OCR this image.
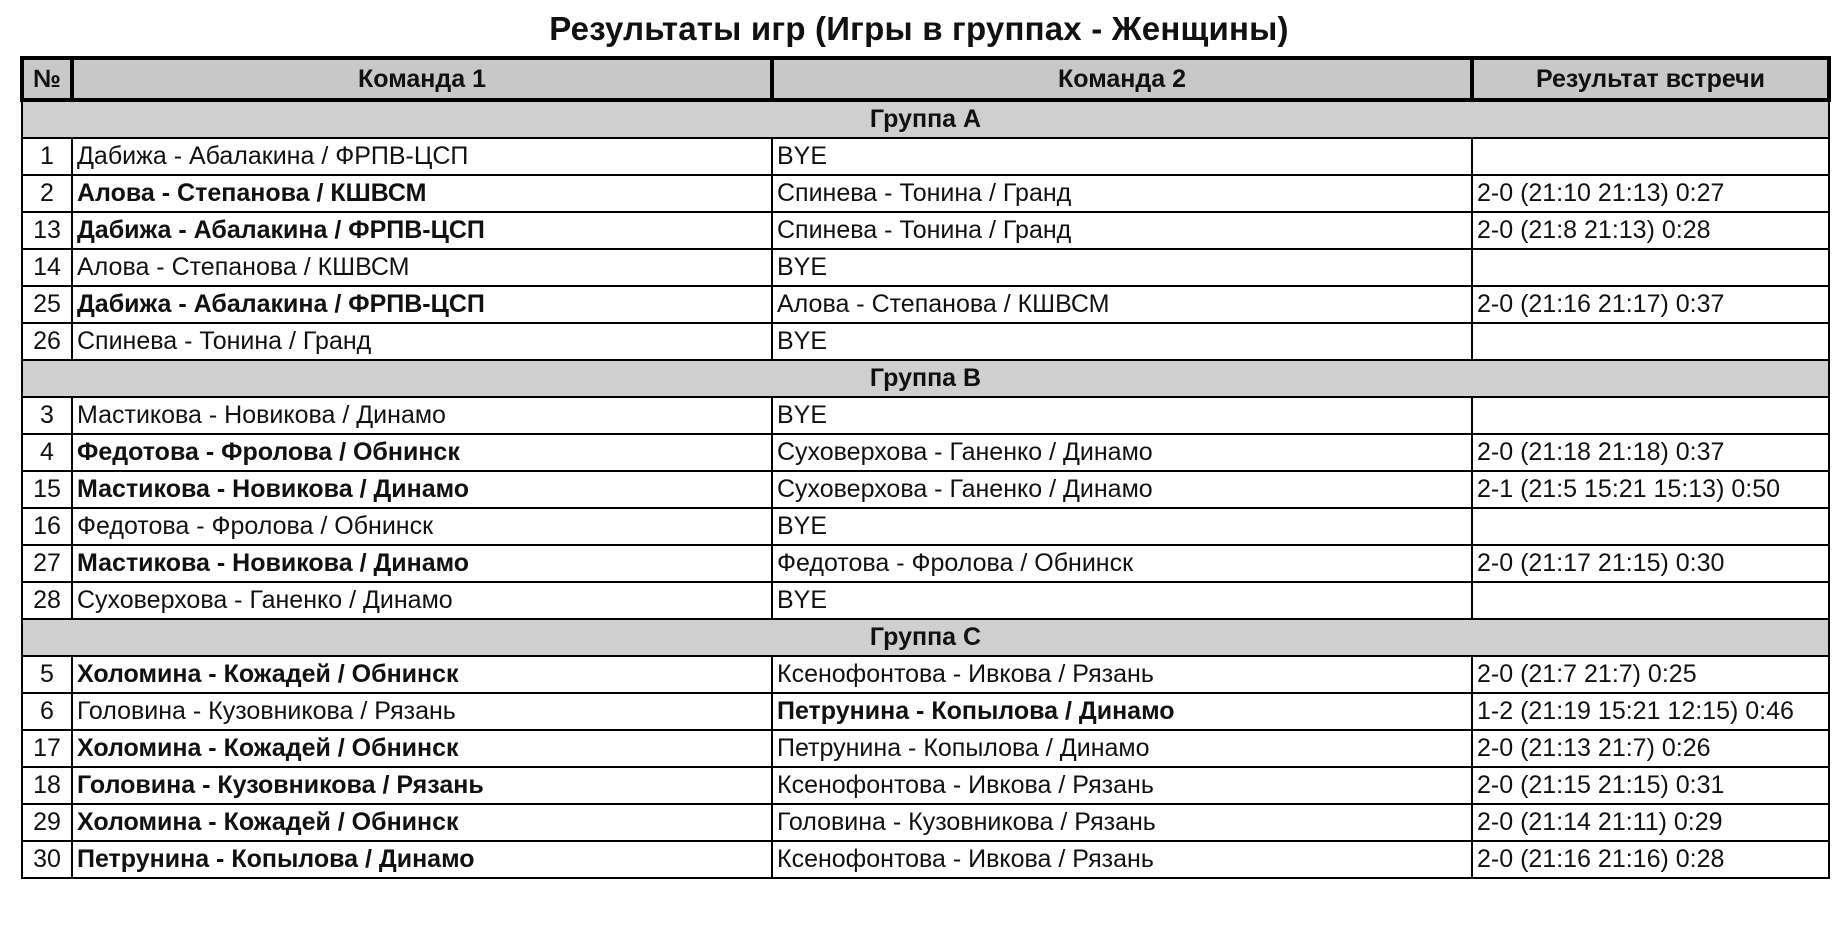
Результаты игр (Игры в группах - Женщины)
№	Команда 1	Команда 2	Результат встречи
Группа A			
1	Дабижа - Абалакина / ФРПВ-ЦСП	BYE	
2	Алова - Степанова / КШВСМ	Спинева - Тонина / Гранд	2-0 (21:10 21:13) 0:27
13	Дабижа - Абалакина / ФРПВ-ЦСП	Спинева - Тонина / Гранд	2-0 (21:8 21:13) 0:28
14	Алова - Степанова / КШВСМ	BYE	
25	Дабижа - Абалакина / ФРПВ-ЦСП	Алова - Степанова / КШВСМ	2-0 (21:16 21:17) 0:37
26	Спинева - Тонина / Гранд	BYE	
Группа B			
3	Мастикова - Новикова / Динамо	BYE	
4	Федотова - Фролова / Обнинск	Суховерхова - Ганенко / Динамо	2-0 (21:18 21:18) 0:37
15	Мастикова - Новикова / Динамо	Суховерхова - Ганенко / Динамо	2-1 (21:5 15:21 15:13) 0:50
16	Федотова - Фролова / Обнинск	BYE	
27	Мастикова - Новикова / Динамо	Федотова - Фролова / Обнинск	2-0 (21:17 21:15) 0:30
28	Суховерхова - Ганенко / Динамо	BYE	
Группа C			
5	Холомина - Кожадей / Обнинск	Ксенофонтова - Ивкова / Рязань	2-0 (21:7 21:7) 0:25
6	Головина - Кузовникова / Рязань	Петрунина - Копылова / Динамо	1-2 (21:19 15:21 12:15) 0:46
17	Холомина - Кожадей / Обнинск	Петрунина - Копылова / Динамо	2-0 (21:13 21:7) 0:26
18	Головина - Кузовникова / Рязань	Ксенофонтова - Ивкова / Рязань	2-0 (21:15 21:15) 0:31
29	Холомина - Кожадей / Обнинск	Головина - Кузовникова / Рязань	2-0 (21:14 21:11) 0:29
30	Петрунина - Копылова / Динамо	Ксенофонтова - Ивкова / Рязань	2-0 (21:16 21:16) 0:28
